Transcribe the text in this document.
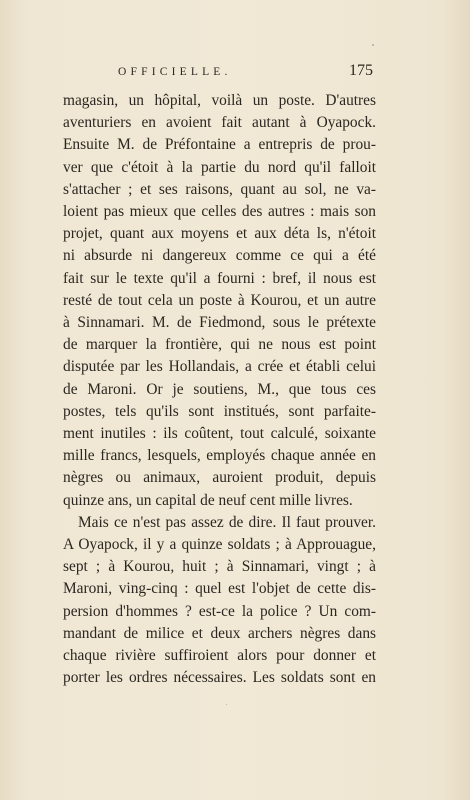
OFFICIELLE.	175
magasin, un hôpital, voilà un poste. D'autres
aventuriers en avoient fait autant à Oyapock.
Ensuite M. de Préfontaine a entrepris de prou-
ver que c'étoit à la partie du nord qu'il falloit
s'attacher ; et ses raisons, quant au sol, ne va-
loient pas mieux que celles des autres : mais son
projet, quant aux moyens et aux déta ls, n'étoit
ni absurde ni dangereux comme ce qui a été
fait sur le texte qu'il a fourni : bref, il nous est
resté de tout cela un poste à Kourou, et un autre
à Sinnamari. M. de Fiedmond, sous le prétexte
de marquer la frontière, qui ne nous est point
disputée par les Hollandais, a crée et établi celui
de Maroni. Or je soutiens, M., que tous ces
postes, tels qu'ils sont institués, sont parfaite-
ment inutiles : ils coûtent, tout calculé, soixante
mille francs, lesquels, employés chaque année en
nègres ou animaux, auroient produit, depuis
quinze ans, un capital de neuf cent mille livres.
Mais ce n'est pas assez de dire. Il faut prouver.
A Oyapock, il y a quinze soldats ; à Approuague,
sept ; à Kourou, huit ; à Sinnamari, vingt ; à
Maroni, ving-cinq : quel est l'objet de cette dis-
persion d'hommes ? est-ce la police ? Un com-
mandant de milice et deux archers nègres dans
chaque rivière suffiroient alors pour donner et
porter les ordres nécessaires. Les soldats sont en
